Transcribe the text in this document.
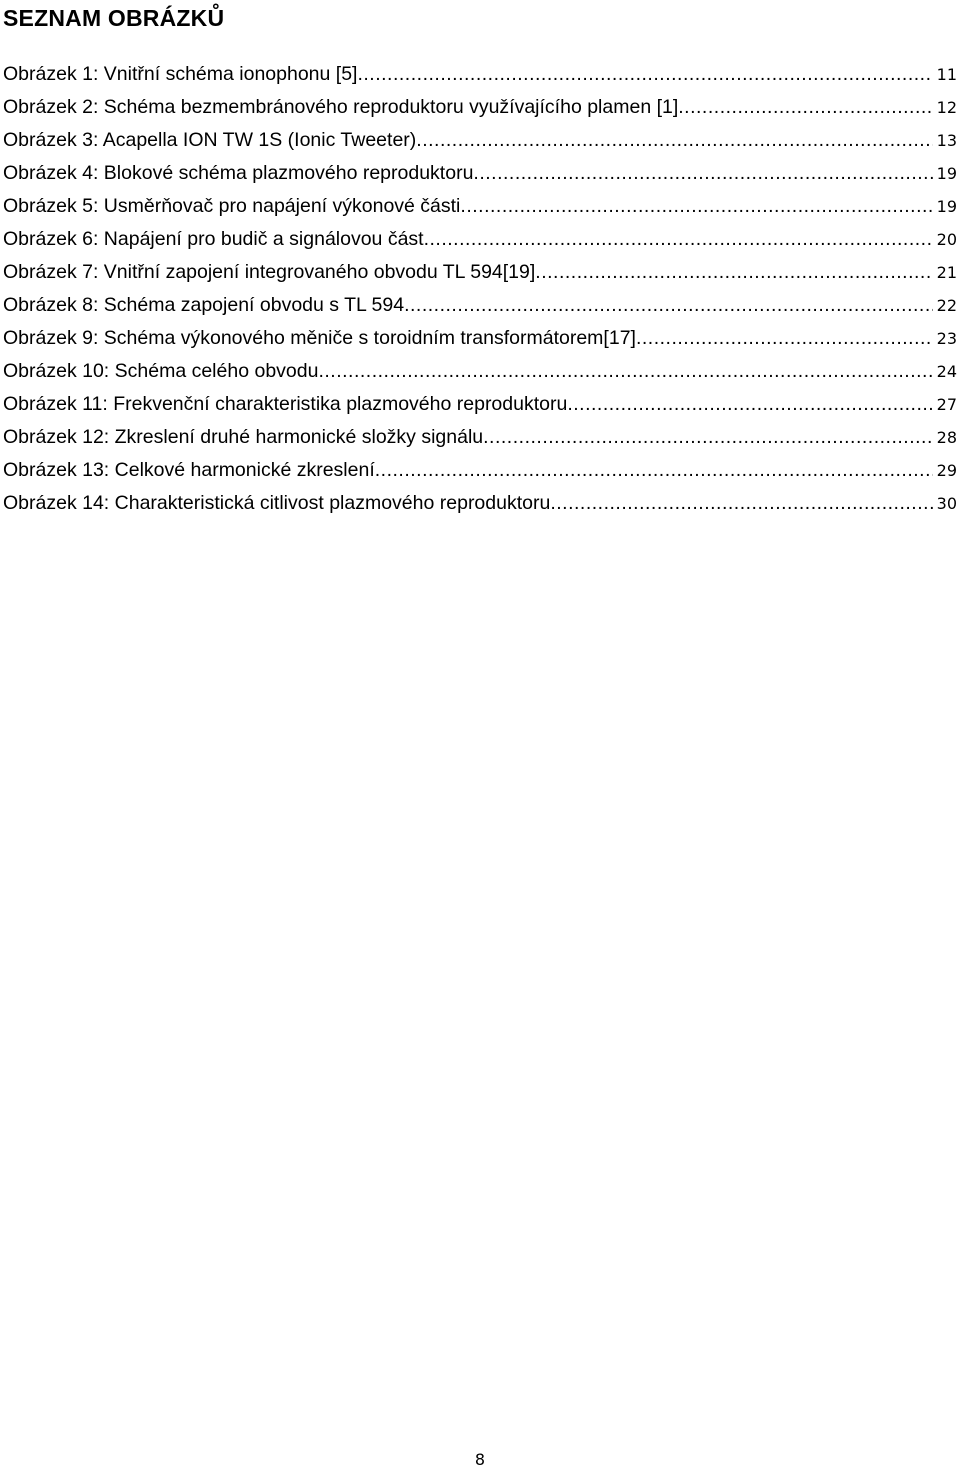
SEZNAM OBRÁZKŮ
Obrázek 1: Vnitřní schéma ionophonu [5] .....	11
Obrázek 2: Schéma bezmembránového reproduktoru využívajícího plamen [1] .....	12
Obrázek 3: Acapella ION TW 1S (Ionic Tweeter) .....	13
Obrázek 4: Blokové schéma plazmového reproduktoru .....	19
Obrázek 5: Usměrňovač pro napájení výkonové části .....	19
Obrázek 6: Napájení pro budič a signálovou část .....	20
Obrázek 7: Vnitřní zapojení integrovaného obvodu TL 594[19] .....	21
Obrázek 8: Schéma zapojení obvodu s TL 594 .....	22
Obrázek 9: Schéma výkonového měniče s toroidním transformátorem[17] .....	23
Obrázek 10: Schéma celého obvodu .....	24
Obrázek 11: Frekvenční charakteristika plazmového reproduktoru .....	27
Obrázek 12: Zkreslení druhé harmonické složky signálu .....	28
Obrázek 13: Celkové harmonické zkreslení .....	29
Obrázek 14: Charakteristická citlivost plazmového reproduktoru .....	30
8
